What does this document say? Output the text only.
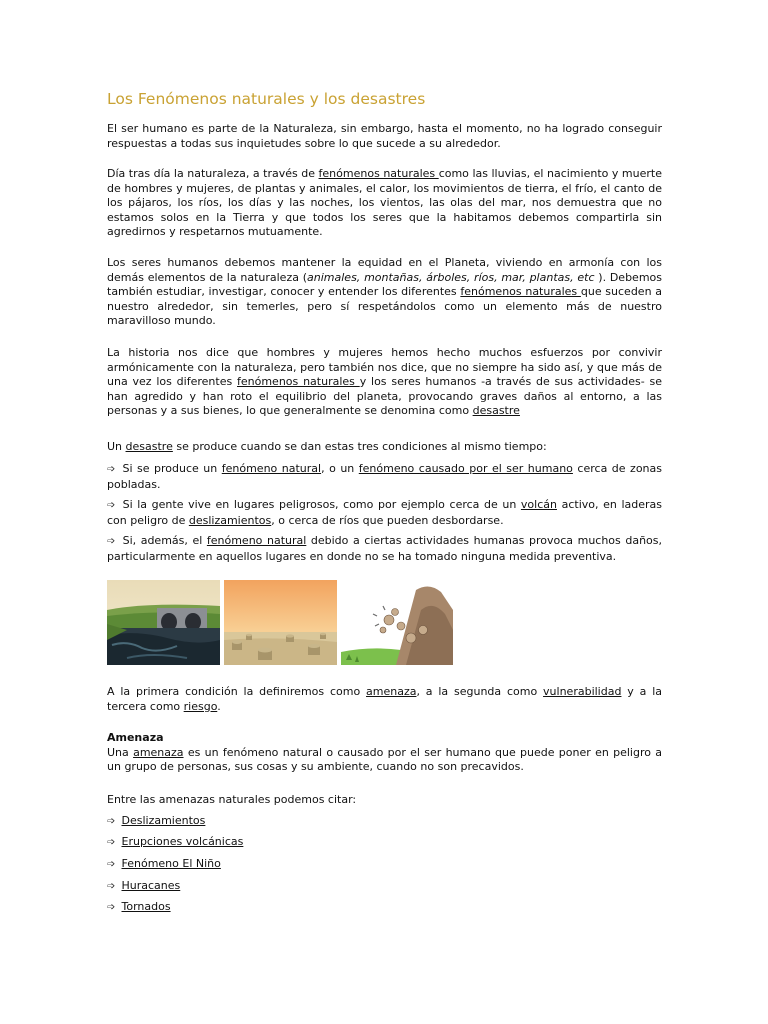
Los Fenómenos naturales y los desastres

El ser humano es parte de la Naturaleza, sin embargo, hasta el momento, no ha logrado conseguir respuestas a todas sus inquietudes sobre lo que sucede a su alrededor.

Día tras día la naturaleza, a través de fenómenos naturales como las lluvias, el nacimiento y muerte de hombres y mujeres, de plantas y animales, el calor, los movimientos de tierra, el frío, el canto de los pájaros, los ríos, los días y las noches, los vientos, las olas del mar, nos demuestra que no estamos solos en la Tierra y que todos los seres que la habitamos debemos compartirla sin agredirnos y respetarnos mutuamente.

Los seres humanos debemos mantener la equidad en el Planeta, viviendo en armonía con los demás elementos de la naturaleza (animales, montañas, árboles, ríos, mar, plantas, etc ). Debemos también estudiar, investigar, conocer y entender los diferentes fenómenos naturales que suceden a nuestro alrededor, sin temerles, pero sí respetándolos como un elemento más de nuestro maravilloso mundo.

La historia nos dice que hombres y mujeres hemos hecho muchos esfuerzos por convivir armónicamente con la naturaleza, pero también nos dice, que no siempre ha sido así, y que más de una vez los diferentes fenómenos naturales y los seres humanos -a través de sus actividades- se han agredido y han roto el equilibrio del planeta, provocando graves daños al entorno, a las personas y a sus bienes, lo que generalmente se denomina como desastre

Un desastre se produce cuando se dan estas tres condiciones al mismo tiempo:

➩ Si se produce un fenómeno natural, o un fenómeno causado por el ser humano cerca de zonas pobladas.

➩ Si la gente vive en lugares peligrosos, como por ejemplo cerca de un volcán activo, en laderas con peligro de deslizamientos, o cerca de ríos que pueden desbordarse.

➩ Si, además, el fenómeno natural debido a ciertas actividades humanas provoca muchos daños, particularmente en aquellos lugares en donde no se ha tomado ninguna medida preventiva.

A la primera condición la definiremos como amenaza, a la segunda como vulnerabilidad y a la tercera como riesgo.

Amenaza
Una amenaza es un fenómeno natural o causado por el ser humano que puede poner en peligro a un grupo de personas, sus cosas y su ambiente, cuando no son precavidos.

Entre las amenazas naturales podemos citar:

➩ Deslizamientos

➩ Erupciones volcánicas

➩ Fenómeno El Niño

➩ Huracanes

➩ Tornados
